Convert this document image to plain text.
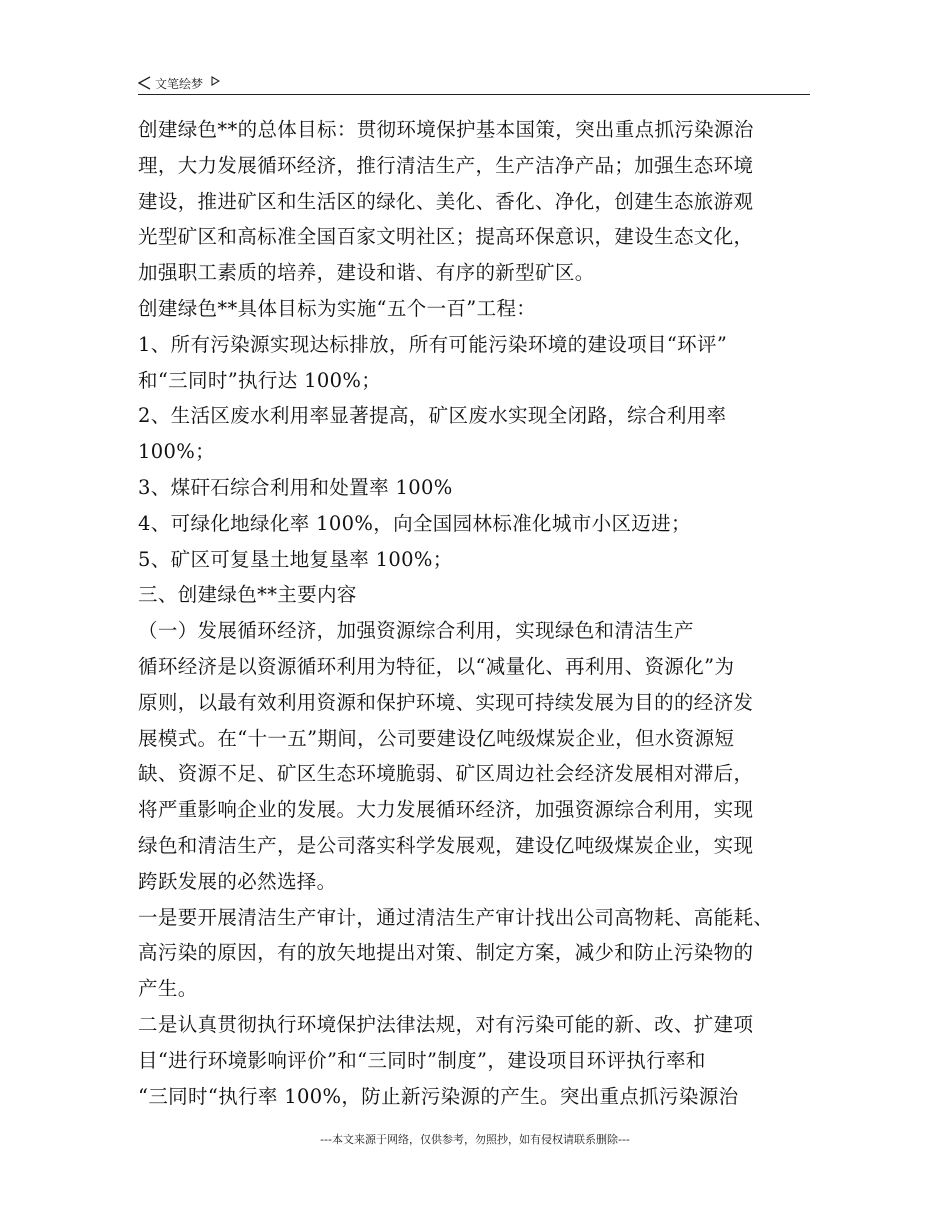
文笔绘梦
创建绿色**的总体目标：贯彻环境保护基本国策，突出重点抓污染源治
理，大力发展循环经济，推行清洁生产，生产洁净产品；加强生态环境
建设，推进矿区和生活区的绿化、美化、香化、净化，创建生态旅游观
光型矿区和高标准全国百家文明社区；提高环保意识，建设生态文化，
加强职工素质的培养，建设和谐、有序的新型矿区。
创建绿色**具体目标为实施“五个一百”工程：
1、所有污染源实现达标排放，所有可能污染环境的建设项目“环评”
和“三同时”执行达 100%；
2、生活区废水利用率显著提高，矿区废水实现全闭路，综合利用率
100%；
3、煤矸石综合利用和处置率 100%
4、可绿化地绿化率 100%，向全国园林标准化城市小区迈进；
5、矿区可复垦土地复垦率 100%；
三、创建绿色**主要内容
（一）发展循环经济，加强资源综合利用，实现绿色和清洁生产
循环经济是以资源循环利用为特征，以“减量化、再利用、资源化”为
原则，以最有效利用资源和保护环境、实现可持续发展为目的的经济发
展模式。在“十一五”期间，公司要建设亿吨级煤炭企业，但水资源短
缺、资源不足、矿区生态环境脆弱、矿区周边社会经济发展相对滞后，
将严重影响企业的发展。大力发展循环经济，加强资源综合利用，实现
绿色和清洁生产，是公司落实科学发展观，建设亿吨级煤炭企业，实现
跨跃发展的必然选择。
一是要开展清洁生产审计，通过清洁生产审计找出公司高物耗、高能耗、
高污染的原因，有的放矢地提出对策、制定方案，减少和防止污染物的
产生。
二是认真贯彻执行环境保护法律法规，对有污染可能的新、改、扩建项
目“进行环境影响评价”和“三同时”制度”，建设项目环评执行率和
“三同时“执行率 100%，防止新污染源的产生。突出重点抓污染源治
---本文来源于网络，仅供参考，勿照抄，如有侵权请联系删除---
